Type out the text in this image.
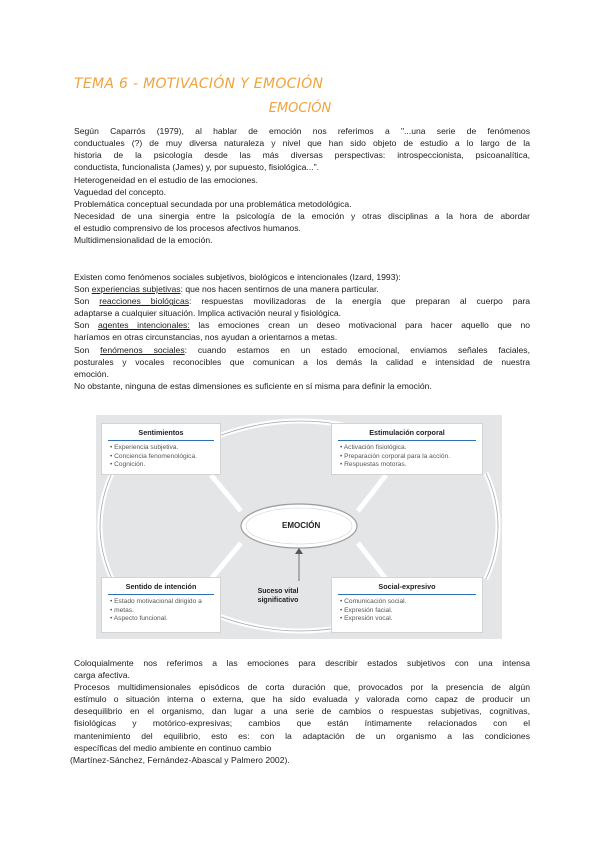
TEMA 6 - MOTIVACIÓN Y EMOCIÓN
EMOCIÓN
Según Caparrós (1979), al hablar de emoción nos referimos a "...una serie de fenómenos
conductuales (?) de muy diversa naturaleza y nivel que han sido objeto de estudio a lo largo de la
historia de la psicología desde las más diversas perspectivas: introspeccionista, psicoanalítica,
conductista, funcionalista (James) y, por supuesto, fisiológica...".
Heterogeneidad en el estudio de las emociones.
Vaguedad del concepto.
Problemática conceptual secundada por una problemática metodológica.
Necesidad de una sinergia entre la psicología de la emoción y otras disciplinas a la hora de abordar
el estudio comprensivo de los procesos afectivos humanos.
Multidimensionalidad de la emoción.
Existen como fenómenos sociales subjetivos, biológicos e intencionales (Izard, 1993):
Son experiencias subjetivas: que nos hacen sentirnos de una manera particular.
Son reacciones biológicas: respuestas movilizadoras de la energía que preparan al cuerpo para
adaptarse a cualquier situación. Implica activación neural y fisiológica.
Son agentes intencionales: las emociones crean un deseo motivacional para hacer aquello que no
haríamos en otras circunstancias, nos ayudan a orientarnos a metas.
Son fenómenos sociales: cuando estamos en un estado emocional, enviamos señales faciales,
posturales y vocales reconocibles que comunican a los demás la calidad e intensidad de nuestra
emoción.
No obstante, ninguna de estas dimensiones es suficiente en sí misma para definir la emoción.
EMOCIÓN
Sentimientos
• Experiencia subjetiva.
• Conciencia fenomenológica.
• Cognición.
Estimulación corporal
• Activación fisiológica.
• Preparación corporal para la acción.
• Respuestas motoras.
Sentido de intención
• Estado motivacional dirigido a
• metas.
• Aspecto funcional.
Social-expresivo
• Comunicación social.
• Expresión facial.
• Expresión vocal.
Suceso vital
significativo
Coloquialmente nos referimos a las emociones para describir estados subjetivos con una intensa
carga afectiva.
Procesos multidimensionales episódicos de corta duración que, provocados por la presencia de algún
estímulo o situación interna o externa, que ha sido evaluada y valorada como capaz de producir un
desequilibrio en el organismo, dan lugar a una serie de cambios o respuestas subjetivas, cognitivas,
fisiológicas y motórico-expresivas; cambios que están íntimamente relacionados con el
mantenimiento del equilibrio, esto es: con la adaptación de un organismo a las condiciones
específicas del medio ambiente en continuo cambio
(Martínez-Sánchez, Fernández-Abascal y Palmero 2002).
